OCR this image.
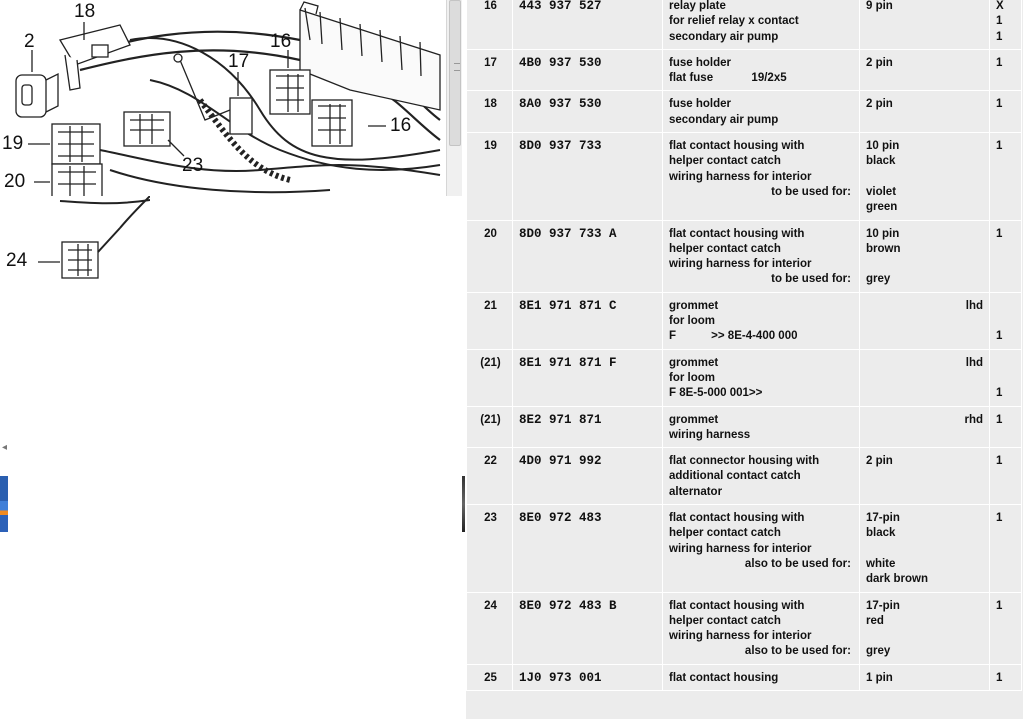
2
18
17
16
16
19
23
20
24
◂
16	443 937 527	relay plate
for relief relay x contact
secondary air pump	9 pin	X
1
1

17	4B0 937 530	fuse holder
flat fuse            19/2x5	2 pin	1

18	8A0 937 530	fuse holder
secondary air pump	2 pin	1

19	8D0 937 733	flat contact housing with
helper contact catch
wiring harness for interior
to be used for:	10 pin
black
violet
green	1

20	8D0 937 733 A	flat contact housing with
helper contact catch
wiring harness for interior
to be used for:	10 pin
brown
grey	1

21	8E1 971 871 C	grommet
for loom
F           >> 8E-4-400 000	lhd	1

(21)	8E1 971 871 F	grommet
for loom
F 8E-5-000 001>>	lhd	1

(21)	8E2 971 871	grommet
wiring harness	rhd	1

22	4D0 971 992	flat connector housing with
additional contact catch
alternator	2 pin	1

23	8E0 972 483	flat contact housing with
helper contact catch
wiring harness for interior
also to be used for:	17-pin
black
white
dark brown	1

24	8E0 972 483 B	flat contact housing with
helper contact catch
wiring harness for interior
also to be used for:	17-pin
red
grey	1

25	1J0 973 001	flat contact housing	1 pin	1
